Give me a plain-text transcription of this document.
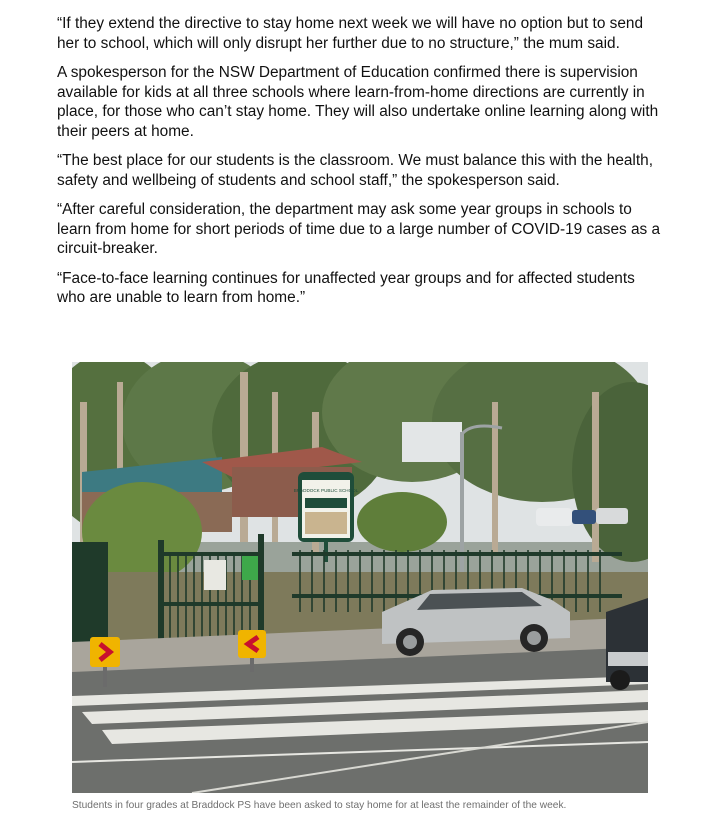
“If they extend the directive to stay home next week we will have no option but to send her to school, which will only disrupt her further due to no structure,” the mum said.

A spokesperson for the NSW Department of Education confirmed there is supervision available for kids at all three schools where learn-from-home directions are currently in place, for those who can’t stay home. They will also undertake online learning along with their peers at home.

“The best place for our students is the classroom. We must balance this with the health, safety and wellbeing of students and school staff,” the spokesperson said.

“After careful consideration, the department may ask some year groups in schools to learn from home for short periods of time due to a large number of COVID-19 cases as a circuit-breaker.

“Face-to-face learning continues for unaffected year groups and for affected students who are unable to learn from home.”

BRADDOCK PUBLIC SCHOOL
Students in four grades at Braddock PS have been asked to stay home for at least the remainder of the week.
